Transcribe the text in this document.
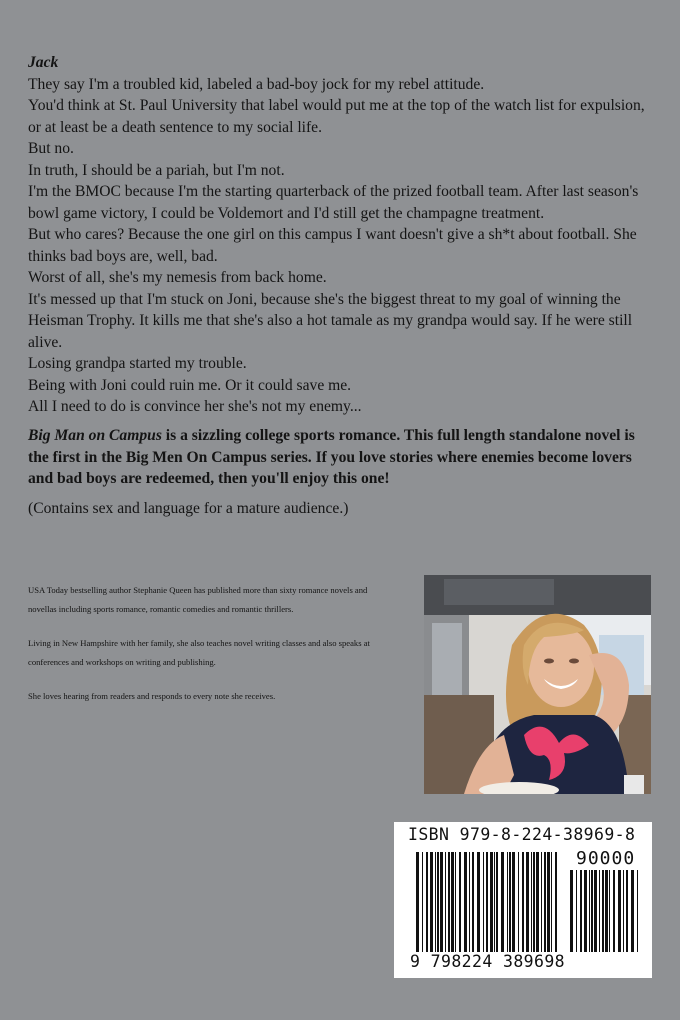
Jack

They say I'm a troubled kid, labeled a bad-boy jock for my rebel attitude.

You'd think at St. Paul University that label would put me at the top of the watch list for expulsion, or at least be a death sentence to my social life.

But no.

In truth, I should be a pariah, but I'm not.

I'm the BMOC because I'm the starting quarterback of the prized football team. After last season's bowl game victory, I could be Voldemort and I'd still get the champagne treatment.

But who cares? Because the one girl on this campus I want doesn't give a sh*t about football. She thinks bad boys are, well, bad.

Worst of all, she's my nemesis from back home.

It's messed up that I'm stuck on Joni, because she's the biggest threat to my goal of winning the Heisman Trophy. It kills me that she's also a hot tamale as my grandpa would say. If he were still alive.

Losing grandpa started my trouble.

Being with Joni could ruin me. Or it could save me.

All I need to do is convince her she's not my enemy...

Big Man on Campus is a sizzling college sports romance. This full length standalone novel is the first in the Big Men On Campus series. If you love stories where enemies become lovers and bad boys are redeemed, then you'll enjoy this one!

(Contains sex and language for a mature audience.)

USA Today bestselling author Stephanie Queen has published more than sixty romance novels and novellas including sports romance, romantic comedies and romantic thrillers.

Living in New Hampshire with her family, she also teaches novel writing classes and also speaks at conferences and workshops on writing and publishing.

She loves hearing from readers and responds to every note she receives.

ISBN 979-8-224-38969-8
90000
9 798224 389698
